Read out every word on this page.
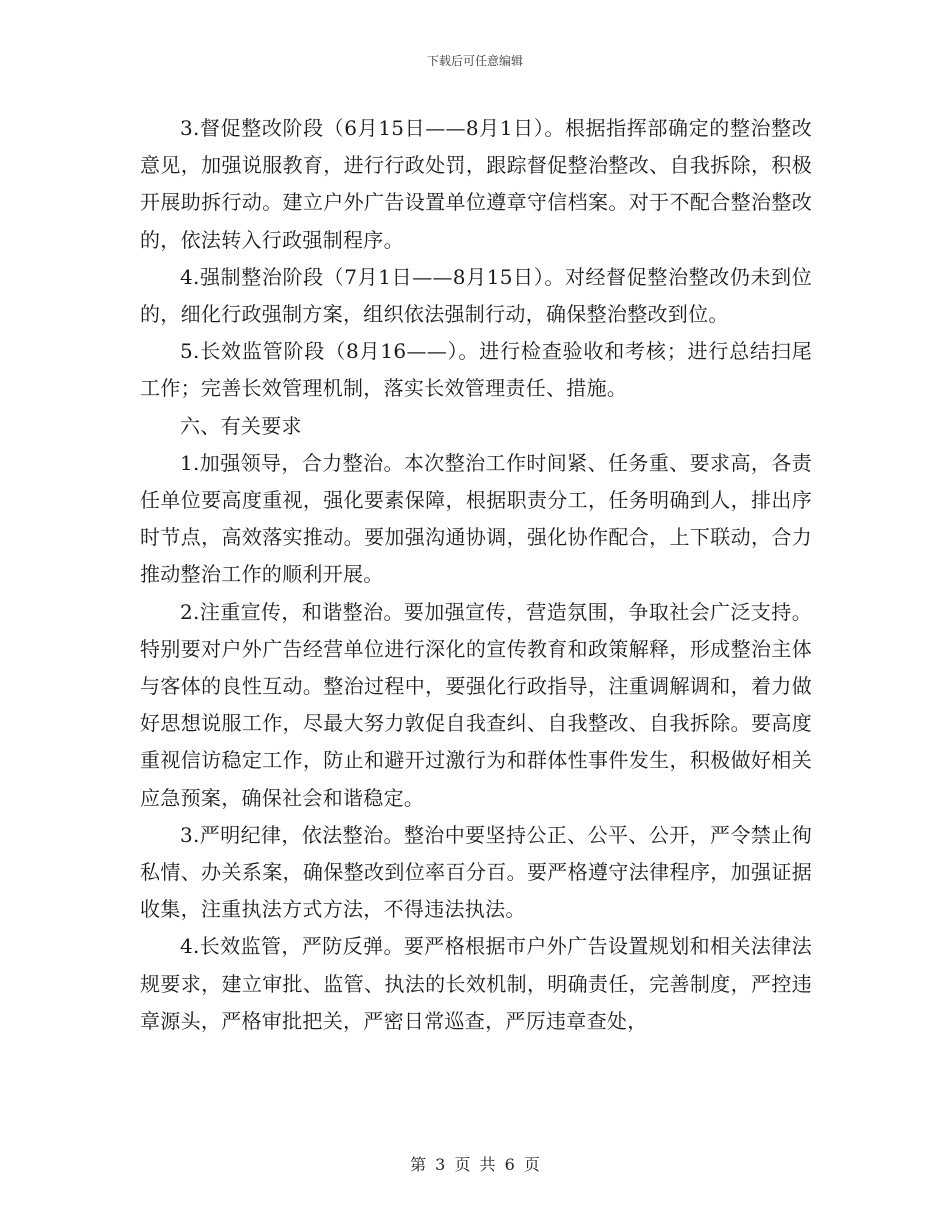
下载后可任意编辑

3.督促整改阶段（6月15日——8月1日）。根据指挥部确定的整治整改意见，加强说服教育，进行行政处罚，跟踪督促整治整改、自我拆除，积极开展助拆行动。建立户外广告设置单位遵章守信档案。对于不配合整治整改的，依法转入行政强制程序。

4.强制整治阶段（7月1日——8月15日）。对经督促整治整改仍未到位的，细化行政强制方案，组织依法强制行动，确保整治整改到位。

5.长效监管阶段（8月16——）。进行检查验收和考核；进行总结扫尾工作；完善长效管理机制，落实长效管理责任、措施。

六、有关要求

1.加强领导，合力整治。本次整治工作时间紧、任务重、要求高，各责任单位要高度重视，强化要素保障，根据职责分工，任务明确到人，排出序时节点，高效落实推动。要加强沟通协调，强化协作配合，上下联动，合力推动整治工作的顺利开展。

2.注重宣传，和谐整治。要加强宣传，营造氛围，争取社会广泛支持。特别要对户外广告经营单位进行深化的宣传教育和政策解释，形成整治主体与客体的良性互动。整治过程中，要强化行政指导，注重调解调和，着力做好思想说服工作，尽最大努力敦促自我查纠、自我整改、自我拆除。要高度重视信访稳定工作，防止和避开过激行为和群体性事件发生，积极做好相关应急预案，确保社会和谐稳定。

3.严明纪律，依法整治。整治中要坚持公正、公平、公开，严令禁止徇私情、办关系案，确保整改到位率百分百。要严格遵守法律程序，加强证据收集，注重执法方式方法，不得违法执法。

4.长效监管，严防反弹。要严格根据市户外广告设置规划和相关法律法规要求，建立审批、监管、执法的长效机制，明确责任，完善制度，严控违章源头，严格审批把关，严密日常巡查，严厉违章查处，

第 3 页 共 6 页
